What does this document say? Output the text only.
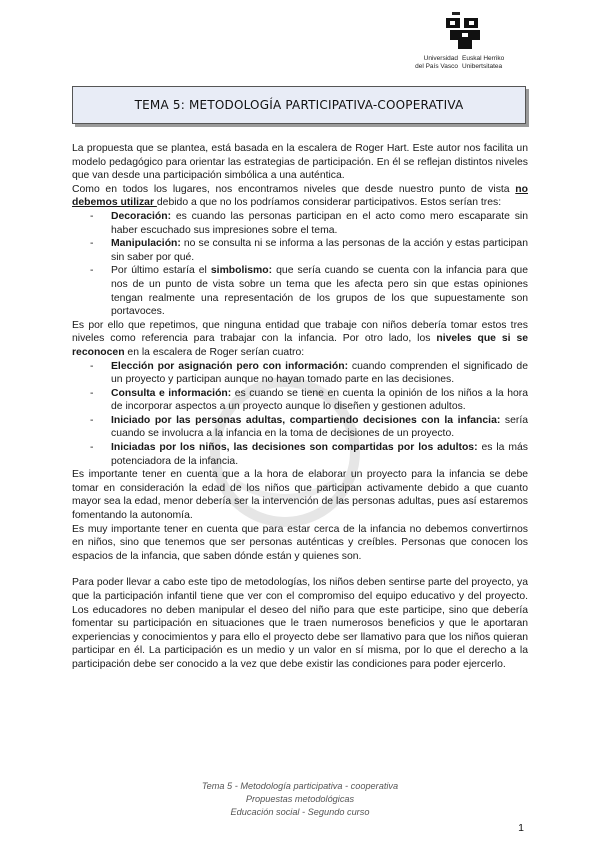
Universidad
del País Vasco
Euskal Herriko
Unibertsitatea
TEMA 5: METODOLOGÍA PARTICIPATIVA-COOPERATIVA

La propuesta que se plantea, está basada en la escalera de Roger Hart. Este autor nos facilita un modelo pedagógico para orientar las estrategias de participación. En él se reflejan distintos niveles que van desde una participación simbólica a una auténtica.

Como en todos los lugares, nos encontramos niveles que desde nuestro punto de vista no debemos utilizar debido a que no los podríamos considerar participativos. Estos serían tres:

- Decoración: es cuando las personas participan en el acto como mero escaparate sin haber escuchado sus impresiones sobre el tema.
- Manipulación: no se consulta ni se informa a las personas de la acción y estas participan sin saber por qué.
- Por último estaría el simbolismo: que sería cuando se cuenta con la infancia para que nos de un punto de vista sobre un tema que les afecta pero sin que estas opiniones tengan realmente una representación de los grupos de los que supuestamente son portavoces.

Es por ello que repetimos, que ninguna entidad que trabaje con niños debería tomar estos tres niveles como referencia para trabajar con la infancia. Por otro lado, los niveles que si se reconocen en la escalera de Roger serían cuatro:

- Elección por asignación pero con información: cuando comprenden el significado de un proyecto y participan aunque no hayan tomado parte en las decisiones.
- Consulta e información: es cuando se tiene en cuenta la opinión de los niños a la hora de incorporar aspectos a un proyecto aunque lo diseñen y gestionen adultos.
- Iniciado por las personas adultas, compartiendo decisiones con la infancia: sería cuando se involucra a la infancia en la toma de decisiones de un proyecto.
- Iniciadas por los niños, las decisiones son compartidas por los adultos: es la más potenciadora de la infancia.

Es importante tener en cuenta que a la hora de elaborar un proyecto para la infancia se debe tomar en consideración la edad de los niños que participan activamente debido a que cuanto mayor sea la edad, menor debería ser la intervención de las personas adultas, pues así estaremos fomentando la autonomía.

Es muy importante tener en cuenta que para estar cerca de la infancia no debemos convertirnos en niños, sino que tenemos que ser personas auténticas y creíbles. Personas que conocen los espacios de la infancia, que saben dónde están y quienes son.

Para poder llevar a cabo este tipo de metodologías, los niños deben sentirse parte del proyecto, ya que la participación infantil tiene que ver con el compromiso del equipo educativo y del proyecto. Los educadores no deben manipular el deseo del niño para que este participe, sino que debería fomentar su participación en situaciones que le traen numerosos beneficios y que le aportaran experiencias y conocimientos y para ello el proyecto debe ser llamativo para que los niños quieran participar en él. La participación es un medio y un valor en sí misma, por lo que el derecho a la participación debe ser conocido a la vez que debe existir las condiciones para poder ejercerlo.

Tema 5 - Metodología participativa - cooperativa
Propuestas metodológicas
Educación social - Segundo curso
1
